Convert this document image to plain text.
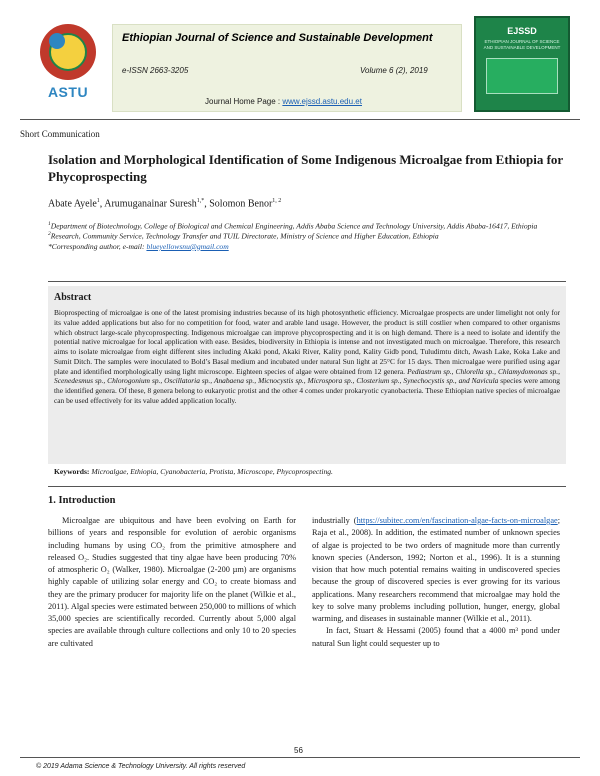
ASTU
Ethiopian Journal of Science and Sustainable Development
e-ISSN 2663-3205	Volume 6 (2), 2019
Journal Home Page : www.ejssd.astu.edu.et
EJSSD
ETHIOPIAN JOURNAL OF SCIENCE AND SUSTAINABLE DEVELOPMENT
Short Communication
Isolation and Morphological Identification of Some Indigenous Microalgae from Ethiopia for Phycoprospecting
Abate Ayele$^1$, Arumuganainar Suresh$^{1,*}$, Solomon Benor$^{1, 2}$
$^1$Department of Biotechnology, College of Biological and Chemical Engineering, Addis Ababa Science and Technology University, Addis Ababa-16417, Ethiopia
$^2$Research, Community Service, Technology Transfer and TUIL Directorate, Ministry of Science and Higher Education, Ethiopia
*Corresponding author, e-mail: blueyellowsnu@gmail.com
Abstract
Bioprospecting of microalgae is one of the latest promising industries because of its high photosynthetic efficiency. Microalgae prospects are under limelight not only for its value added applications but also for no competition for food, water and arable land usage. However, the product is still costlier when compared to other organisms which obstruct large-scale phycoprospecting. Indigenous microalgae can improve phycoprospecting and it is on high demand. There is a need to isolate and identify the potential native microalgae for local application with ease. Besides, biodiversity in Ethiopia is intense and not investigated much on microalgae. Therefore, this research aims to isolate microalgae from eight different sites including Akaki pond, Akaki River, Kality pond, Kality Gidb pond, Tuludimtu ditch, Awash Lake, Koka Lake and Sumit Ditch. The samples were inoculated to Bold’s Basal medium and incubated under natural Sun light at 25°C for 15 days. Then microalgae were purified using agar plate and identified morphologically using light microscope. Eighteen species of algae were obtained from 12 genera. Pediastrum sp., Chlorella sp., Chlamydomonas sp., Scenedesmus sp., Chlorogonium sp., Oscillatoria sp., Anabaena sp., Micnocystis sp., Microspora sp., Closterium sp., Synechocystis sp., and Navicula species were among the identified genera. Of these, 8 genera belong to eukaryotic protist and the other 4 comes under prokaryotic cyanobacteria. These Ethiopian native species of microalgae can be used effectively for its value added application locally.
Keywords: Microalgae, Ethiopia, Cyanobacteria, Protista, Microscope, Phycoprospecting.
1. Introduction
Microalgae are ubiquitous and have been evolving on Earth for billions of years and responsible for evolution of aerobic organisms including humans by using CO₂ from the primitive atmosphere and released O₂. Studies suggested that tiny algae have been producing 70% of atmospheric O₂ (Walker, 1980). Microalgae (2-200 µm) are organisms highly capable of utilizing solar energy and CO₂ to create biomass and they are the primary producer for majority life on the planet (Wilkie et al., 2011). Algal species were estimated between 250,000 to millions of which 35,000 species are scientifically recorded. Currently about 5,000 algal species are available through culture collections and only 10 to 20 species are cultivated
industrially (https://subitec.com/en/fascination-algae-facts-on-microalgae; Raja et al., 2008). In addition, the estimated number of unknown species of algae is projected to be two orders of magnitude more than currently known species (Anderson, 1992; Norton et al., 1996). It is a stunning vision that how much potential remains waiting in undiscovered species because the group of discovered species is ever growing for its various applications. Many researchers recommend that microalgae may hold the key to solve many problems including pollution, hunger, energy, global warming, and diseases in sustainable manner (Wilkie et al., 2011).
In fact, Stuart & Hessami (2005) found that a 4000 m³ pond under natural Sun light could sequester up to
56
© 2019 Adama Science & Technology University. All rights reserved
